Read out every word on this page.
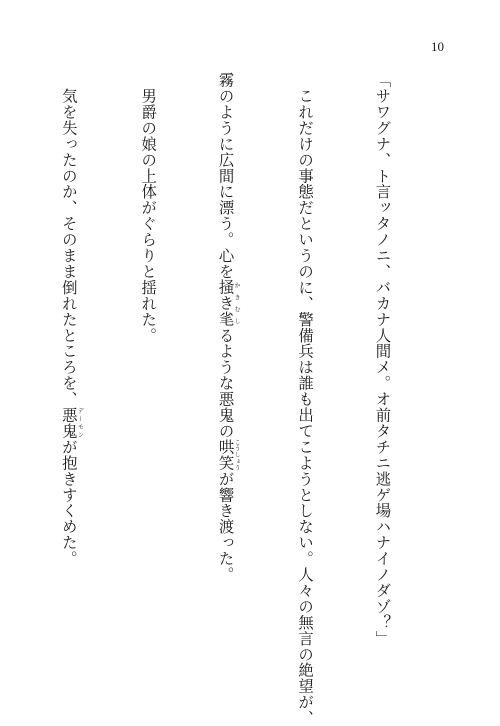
10

「サワグナ、ト言ッタノニ、バカナ人間メ。オ前タチニ逃ゲ場ハナイノダゾ？」

　これだけの事態だというのに、警備兵は誰も出てこようとしない。人々の無言の絶望が、

霧のように広間に漂う。心を掻き毟かきむしるような悪鬼の哄笑こうしょうが響き渡った。

　男爵の娘の上体がぐらりと揺れた。

　気を失ったのか、そのまま倒れたところを、悪鬼デーモンが抱きすくめた。
